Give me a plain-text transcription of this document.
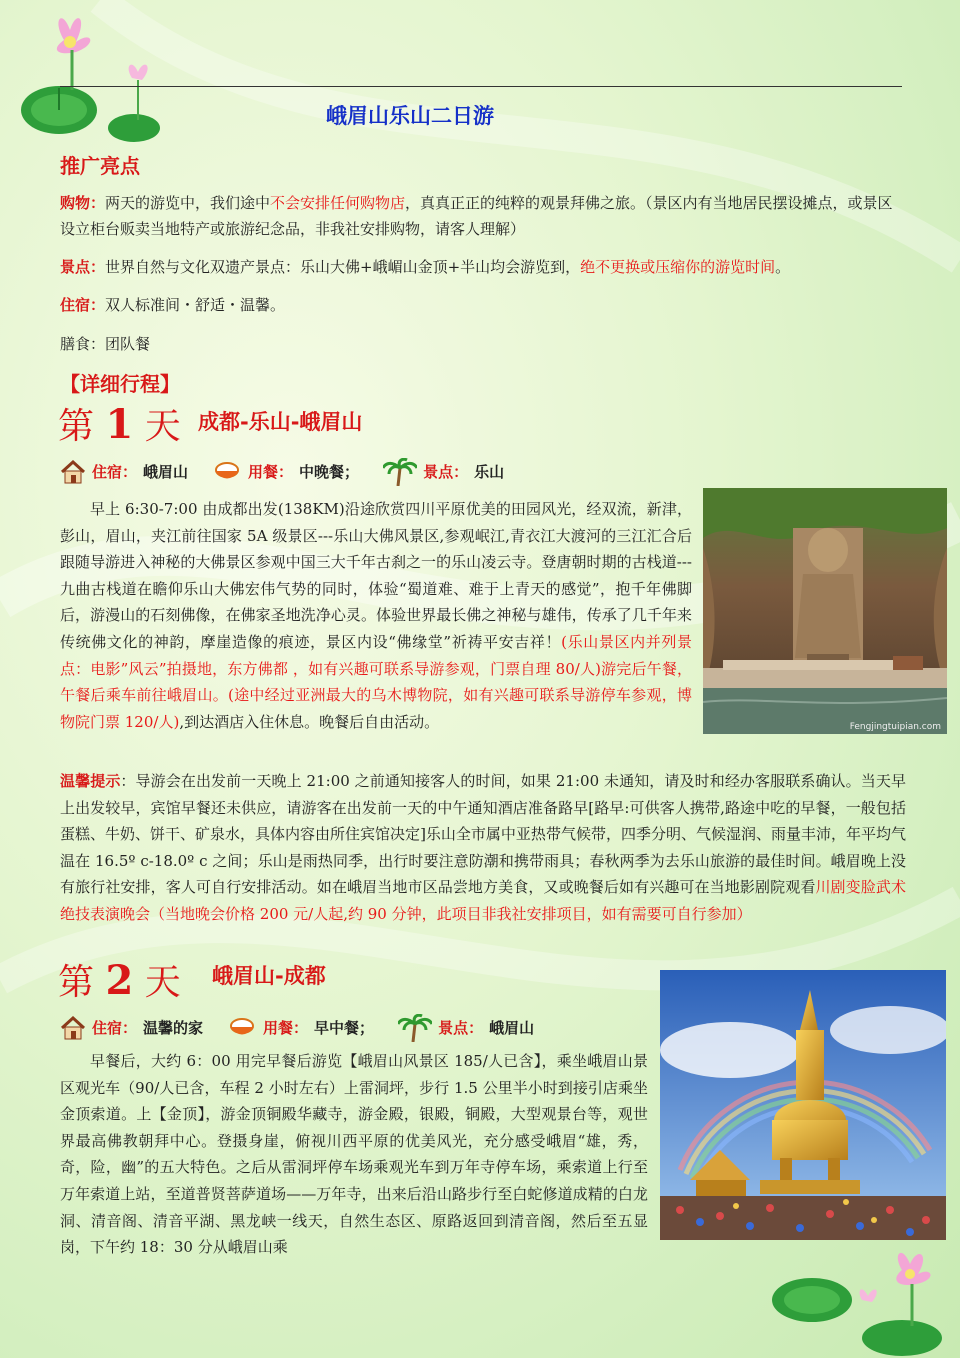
峨眉山乐山二日游
推广亮点
购物：两天的游览中，我们途中不会安排任何购物店，真真正正的纯粹的观景拜佛之旅。（景区内有当地居民摆设摊点，或景区设立柜台贩卖当地特产或旅游纪念品，非我社安排购物，请客人理解）
景点：世界自然与文化双遗产景点：乐山大佛+峨嵋山金顶+半山均会游览到，绝不更换或压缩你的游览时间。
住宿：双人标准间・舒适・温馨。
膳食：团队餐
【详细行程】
第 1 天 成都-乐山-峨眉山
住宿： 峨眉山	用餐： 中晚餐；	景点： 乐山
早上 6:30-7:00 由成都出发(138KM)沿途欣赏四川平原优美的田园风光，经双流，新津，彭山，眉山，夹江前往国家 5A 级景区---乐山大佛风景区,参观岷江,青衣江大渡河的三江汇合后跟随导游进入神秘的大佛景区参观中国三大千年古刹之一的乐山凌云寺。登唐朝时期的古栈道---九曲古栈道在瞻仰乐山大佛宏伟气势的同时，体验“蜀道难、难于上青天的感觉”，抱千年佛脚后，游漫山的石刻佛像，在佛家圣地洗净心灵。体验世界最长佛之神秘与雄伟，传承了几千年来传统佛文化的神韵，摩崖造像的痕迹，景区内设“佛缘堂”祈祷平安吉祥！(乐山景区内并列景点：电影”风云”拍摄地，东方佛都 ，如有兴趣可联系导游参观，门票自理 80/人)游完后午餐，午餐后乘车前往峨眉山。(途中经过亚洲最大的乌木博物院，如有兴趣可联系导游停车参观，博物院门票 120/人),到达酒店入住休息。晚餐后自由活动。	Fengjingtuipian.com
温馨提示：导游会在出发前一天晚上 21:00 之前通知接客人的时间，如果 21:00 未通知，请及时和经办客服联系确认。当天早上出发较早，宾馆早餐还未供应，请游客在出发前一天的中午通知酒店准备路早[路早:可供客人携带,路途中吃的早餐，一般包括蛋糕、牛奶、饼干、矿泉水，具体内容由所住宾馆决定]乐山全市属中亚热带气候带，四季分明、气候湿润、雨量丰沛，年平均气温在 16.5º c-18.0º c 之间；乐山是雨热同季，出行时要注意防潮和携带雨具；春秋两季为去乐山旅游的最佳时间。峨眉晚上没有旅行社安排，客人可自行安排活动。如在峨眉当地市区品尝地方美食，又或晚餐后如有兴趣可在当地影剧院观看川剧变脸武术绝技表演晚会（当地晚会价格 200 元/人起,约 90 分钟，此项目非我社安排项目，如有需要可自行参加）
第 2 天 峨眉山-成都
住宿： 温馨的家	用餐： 早中餐；	景点： 峨眉山
早餐后，大约 6：00 用完早餐后游览【峨眉山风景区 185/人已含】，乘坐峨眉山景区观光车（90/人已含，车程 2 小时左右）上雷洞坪，步行 1.5 公里半小时到接引店乘坐金顶索道。上【金顶】，游金顶铜殿华藏寺，游金殿，银殿，铜殿，大型观景台等，观世界最高佛教朝拜中心。登摄身崖，俯视川西平原的优美风光，充分感受峨眉“雄，秀，奇，险，幽”的五大特色。之后从雷洞坪停车场乘观光车到万年寺停车场，乘索道上行至万年索道上站，至道普贤菩萨道场——万年寺，出来后沿山路步行至白蛇修道成精的白龙洞、清音阁、清音平湖、黑龙峡一线天，自然生态区、原路返回到清音阁，然后至五显岗，下午约 18：30 分从峨眉山乘
